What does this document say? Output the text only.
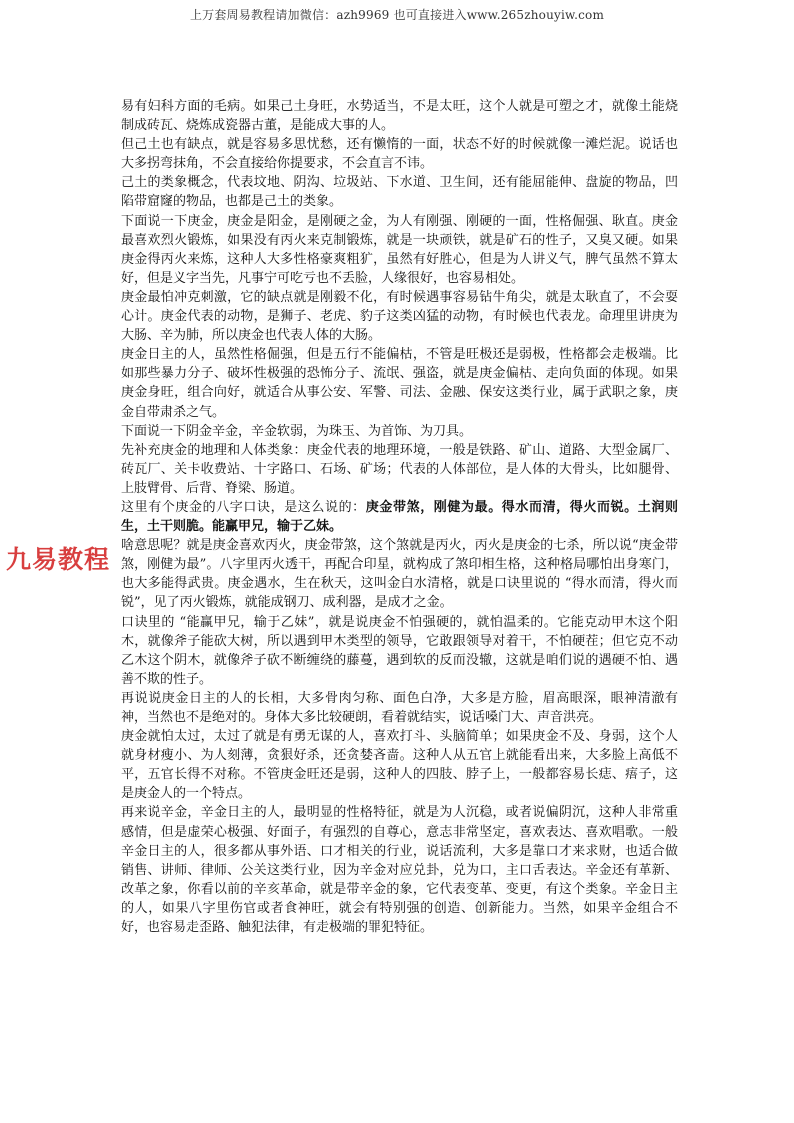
上万套周易教程请加微信：azh9969 也可直接进入www.265zhouyiw.com
九易教程

易有妇科方面的毛病。如果己土身旺，水势适当，不是太旺，这个人就是可塑之才，就像土能烧制成砖瓦、烧炼成瓷器古董，是能成大事的人。

但己土也有缺点，就是容易多思忧愁，还有懒惰的一面，状态不好的时候就像一滩烂泥。说话也大多拐弯抹角，不会直接给你提要求，不会直言不讳。

己土的类象概念，代表坟地、阴沟、垃圾站、下水道、卫生间，还有能屈能伸、盘旋的物品，凹陷带窟窿的物品，也都是己土的类象。

下面说一下庚金，庚金是阳金，是刚硬之金，为人有刚强、刚硬的一面，性格倔强、耿直。庚金最喜欢烈火锻炼，如果没有丙火来克制锻炼，就是一块顽铁，就是矿石的性子，又臭又硬。如果庚金得丙火来炼，这种人大多性格豪爽粗犷，虽然有好胜心，但是为人讲义气，脾气虽然不算太好，但是义字当先，凡事宁可吃亏也不丢脸，人缘很好，也容易相处。

庚金最怕冲克刺激，它的缺点就是刚毅不化，有时候遇事容易钻牛角尖，就是太耿直了，不会耍心计。庚金代表的动物，是狮子、老虎、豹子这类凶猛的动物，有时候也代表龙。命理里讲庚为大肠、辛为肺，所以庚金也代表人体的大肠。

庚金日主的人，虽然性格倔强，但是五行不能偏枯，不管是旺极还是弱极，性格都会走极端。比如那些暴力分子、破坏性极强的恐怖分子、流氓、强盗，就是庚金偏枯、走向负面的体现。如果庚金身旺，组合向好，就适合从事公安、军警、司法、金融、保安这类行业，属于武职之象，庚金自带肃杀之气。

下面说一下阴金辛金，辛金软弱，为珠玉、为首饰、为刀具。

先补充庚金的地理和人体类象：庚金代表的地理环境，一般是铁路、矿山、道路、大型金属厂、砖瓦厂、关卡收费站、十字路口、石场、矿场；代表的人体部位，是人体的大骨头，比如腿骨、上肢臂骨、后背、脊梁、肠道。

这里有个庚金的八字口诀，是这么说的：庚金带煞，刚健为最。得水而清，得火而锐。土润则生，土干则脆。能赢甲兄，输于乙妹。

啥意思呢？就是庚金喜欢丙火，庚金带煞，这个煞就是丙火，丙火是庚金的七杀，所以说“庚金带煞，刚健为最”。八字里丙火透干，再配合印星，就构成了煞印相生格，这种格局哪怕出身寒门，也大多能得武贵。庚金遇水，生在秋天，这叫金白水清格，就是口诀里说的 “得水而清，得火而锐”，见了丙火锻炼，就能成钢刀、成利器，是成才之金。

口诀里的 “能赢甲兄，输于乙妹”，就是说庚金不怕强硬的，就怕温柔的。它能克动甲木这个阳木，就像斧子能砍大树，所以遇到甲木类型的领导，它敢跟领导对着干，不怕硬茬；但它克不动乙木这个阴木，就像斧子砍不断缠绕的藤蔓，遇到软的反而没辙，这就是咱们说的遇硬不怕、遇善不欺的性子。

再说说庚金日主的人的长相，大多骨肉匀称、面色白净，大多是方脸，眉高眼深，眼神清澈有神，当然也不是绝对的。身体大多比较硬朗，看着就结实，说话嗓门大、声音洪亮。

庚金就怕太过，太过了就是有勇无谋的人，喜欢打斗、头脑简单；如果庚金不及、身弱，这个人就身材瘦小、为人刻薄，贪狠好杀，还贪婪吝啬。这种人从五官上就能看出来，大多脸上高低不平，五官长得不对称。不管庚金旺还是弱，这种人的四肢、脖子上，一般都容易长痣、痦子，这是庚金人的一个特点。

再来说辛金，辛金日主的人，最明显的性格特征，就是为人沉稳，或者说偏阴沉，这种人非常重感情，但是虚荣心极强、好面子，有强烈的自尊心，意志非常坚定，喜欢表达、喜欢唱歌。一般辛金日主的人，很多都从事外语、口才相关的行业，说话流利，大多是靠口才来求财，也适合做销售、讲师、律师、公关这类行业，因为辛金对应兑卦，兑为口，主口舌表达。辛金还有革新、改革之象，你看以前的辛亥革命，就是带辛金的象，它代表变革、变更，有这个类象。辛金日主的人，如果八字里伤官或者食神旺，就会有特别强的创造、创新能力。当然，如果辛金组合不好，也容易走歪路、触犯法律，有走极端的罪犯特征。
